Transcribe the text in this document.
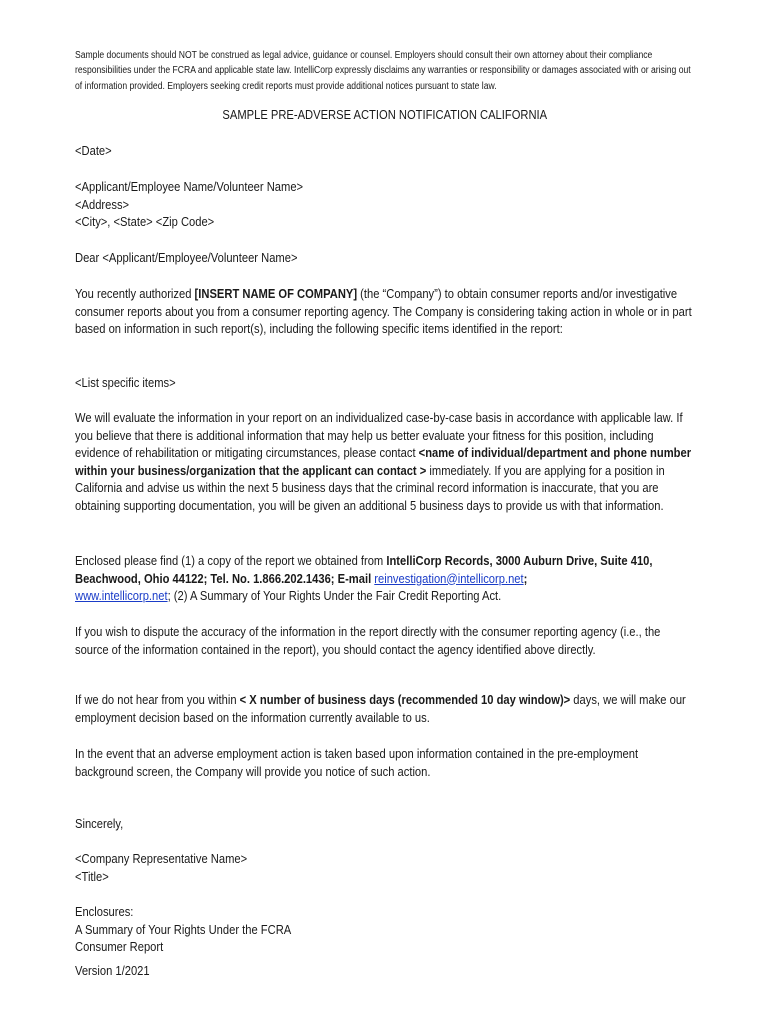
Sample documents should NOT be construed as legal advice, guidance or counsel. Employers should consult their own attorney about their compliance responsibilities under the FCRA and applicable state law. IntelliCorp expressly disclaims any warranties or responsibility or damages associated with or arising out of information provided. Employers seeking credit reports must provide additional notices pursuant to state law.
SAMPLE PRE-ADVERSE ACTION NOTIFICATION CALIFORNIA
<Date>

<Applicant/Employee Name/Volunteer Name>

<Address>

<City>, <State> <Zip Code>

Dear <Applicant/Employee/Volunteer Name>
You recently authorized [INSERT NAME OF COMPANY] (the “Company”) to obtain consumer reports and/or investigative consumer reports about you from a consumer reporting agency. The Company is considering taking action in whole or in part based on information in such report(s), including the following specific items identified in the report:
<List specific items>
We will evaluate the information in your report on an individualized case-by-case basis in accordance with applicable law. If you believe that there is additional information that may help us better evaluate your fitness for this position, including evidence of rehabilitation or mitigating circumstances, please contact <name of individual/department and phone number within your business/organization that the applicant can contact > immediately. If you are applying for a position in California and advise us within the next 5 business days that the criminal record information is inaccurate, that you are obtaining supporting documentation, you will be given an additional 5 business days to provide us with that information.
Enclosed please find (1) a copy of the report we obtained from IntelliCorp Records, 3000 Auburn Drive, Suite 410, Beachwood, Ohio 44122; Tel. No. 1.866.202.1436; E-mail reinvestigation@intellicorp.net;
www.intellicorp.net; (2) A Summary of Your Rights Under the Fair Credit Reporting Act.
If you wish to dispute the accuracy of the information in the report directly with the consumer reporting agency (i.e., the source of the information contained in the report), you should contact the agency identified above directly.
If we do not hear from you within < X number of business days (recommended 10 day window)> days, we will make our employment decision based on the information currently available to us.
In the event that an adverse employment action is taken based upon information contained in the pre-employment background screen, the Company will provide you notice of such action.
Sincerely,

<Company Representative Name>

<Title>

Enclosures:

A Summary of Your Rights Under the FCRA

Consumer Report

Version 1/2021
